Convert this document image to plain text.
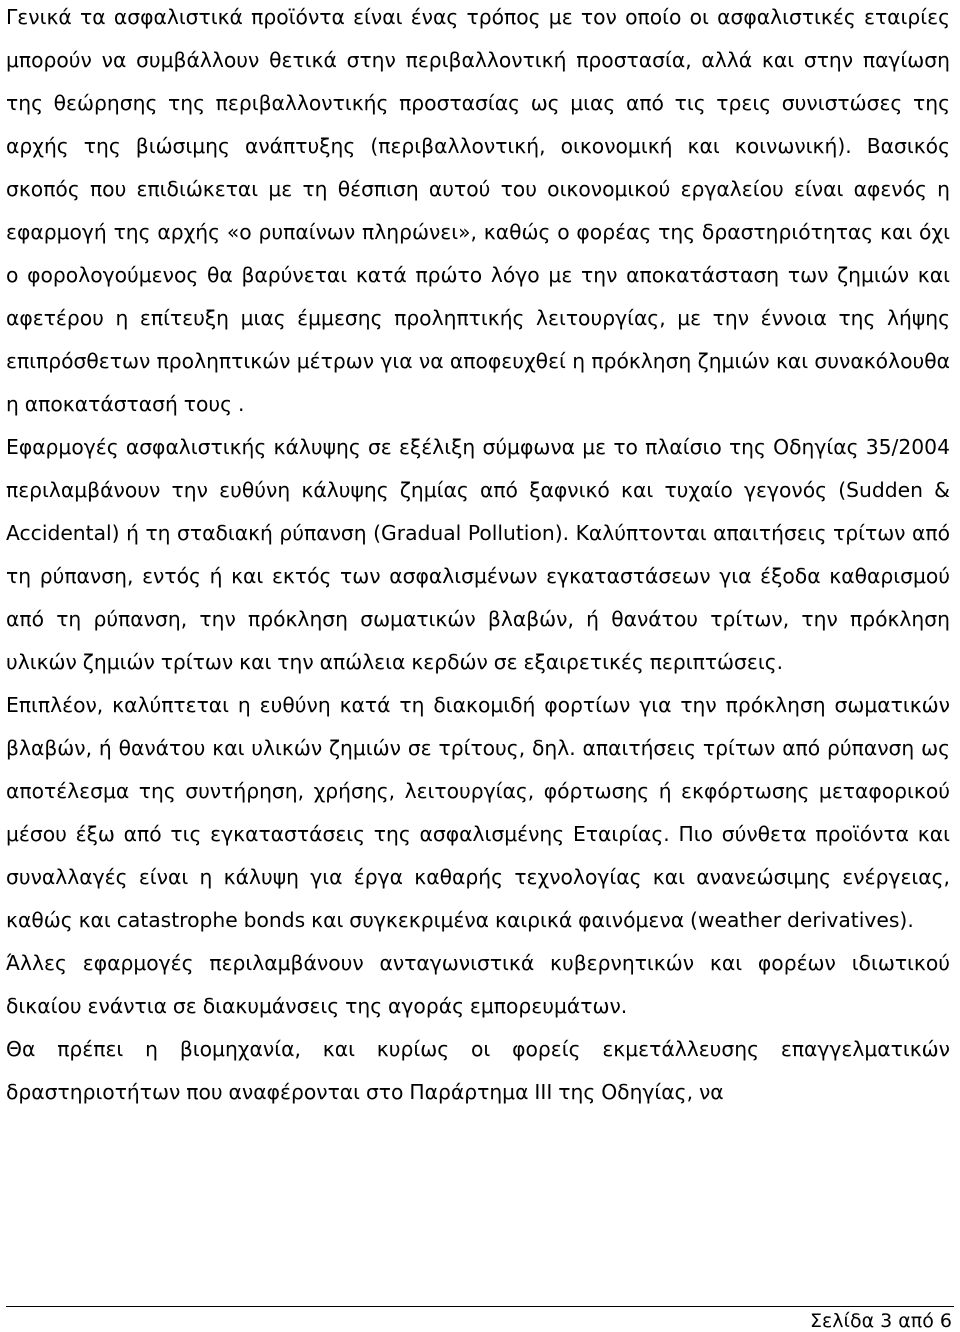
Γενικά τα ασφαλιστικά προϊόντα είναι ένας τρόπος με τον οποίο οι ασφαλιστικές εταιρίες μπορούν να συμβάλλουν θετικά στην περιβαλλοντική προστασία, αλλά και στην παγίωση της θεώρησης της περιβαλλοντικής προστασίας ως μιας από τις τρεις συνιστώσες της αρχής της βιώσιμης ανάπτυξης (περιβαλλοντική, οικονομική και κοινωνική). Βασικός σκοπός που επιδιώκεται με τη θέσπιση αυτού του οικονομικού εργαλείου είναι αφενός η εφαρμογή της αρχής «ο ρυπαίνων πληρώνει», καθώς ο φορέας της δραστηριότητας και όχι ο φορολογούμενος θα βαρύνεται κατά πρώτο λόγο με την αποκατάσταση των ζημιών και αφετέρου η επίτευξη μιας έμμεσης προληπτικής λειτουργίας, με την έννοια της λήψης επιπρόσθετων προληπτικών μέτρων για να αποφευχθεί η πρόκληση ζημιών και συνακόλουθα η αποκατάστασή τους .

Εφαρμογές ασφαλιστικής κάλυψης σε εξέλιξη σύμφωνα με το πλαίσιο της Οδηγίας 35/2004 περιλαμβάνουν την ευθύνη κάλυψης ζημίας από ξαφνικό και τυχαίο γεγονός (Sudden & Accidental) ή τη σταδιακή ρύπανση (Gradual Pollution). Καλύπτονται απαιτήσεις τρίτων από τη ρύπανση, εντός ή και εκτός των ασφαλισμένων εγκαταστάσεων για έξοδα καθαρισμού από τη ρύπανση, την πρόκληση σωματικών βλαβών, ή θανάτου τρίτων, την πρόκληση υλικών ζημιών τρίτων και την απώλεια κερδών σε εξαιρετικές περιπτώσεις.

Επιπλέον, καλύπτεται η ευθύνη κατά τη διακομιδή φορτίων για την πρόκληση σωματικών βλαβών, ή θανάτου και υλικών ζημιών σε τρίτους, δηλ. απαιτήσεις τρίτων από ρύπανση ως αποτέλεσμα της συντήρηση, χρήσης, λειτουργίας, φόρτωσης ή εκφόρτωσης μεταφορικού μέσου έξω από τις εγκαταστάσεις της ασφαλισμένης Εταιρίας. Πιο σύνθετα προϊόντα και συναλλαγές είναι η κάλυψη για έργα καθαρής τεχνολογίας και ανανεώσιμης ενέργειας, καθώς και catastrophe bonds και συγκεκριμένα καιρικά φαινόμενα (weather derivatives).

Άλλες εφαρμογές περιλαμβάνουν ανταγωνιστικά κυβερνητικών και φορέων ιδιωτικού δικαίου ενάντια σε διακυμάνσεις της αγοράς εμπορευμάτων.

Θα πρέπει η βιομηχανία, και κυρίως οι φορείς εκμετάλλευσης επαγγελματικών δραστηριοτήτων που αναφέρονται στο Παράρτημα ΙΙΙ της Οδηγίας, να

Σελίδα 3 από 6
